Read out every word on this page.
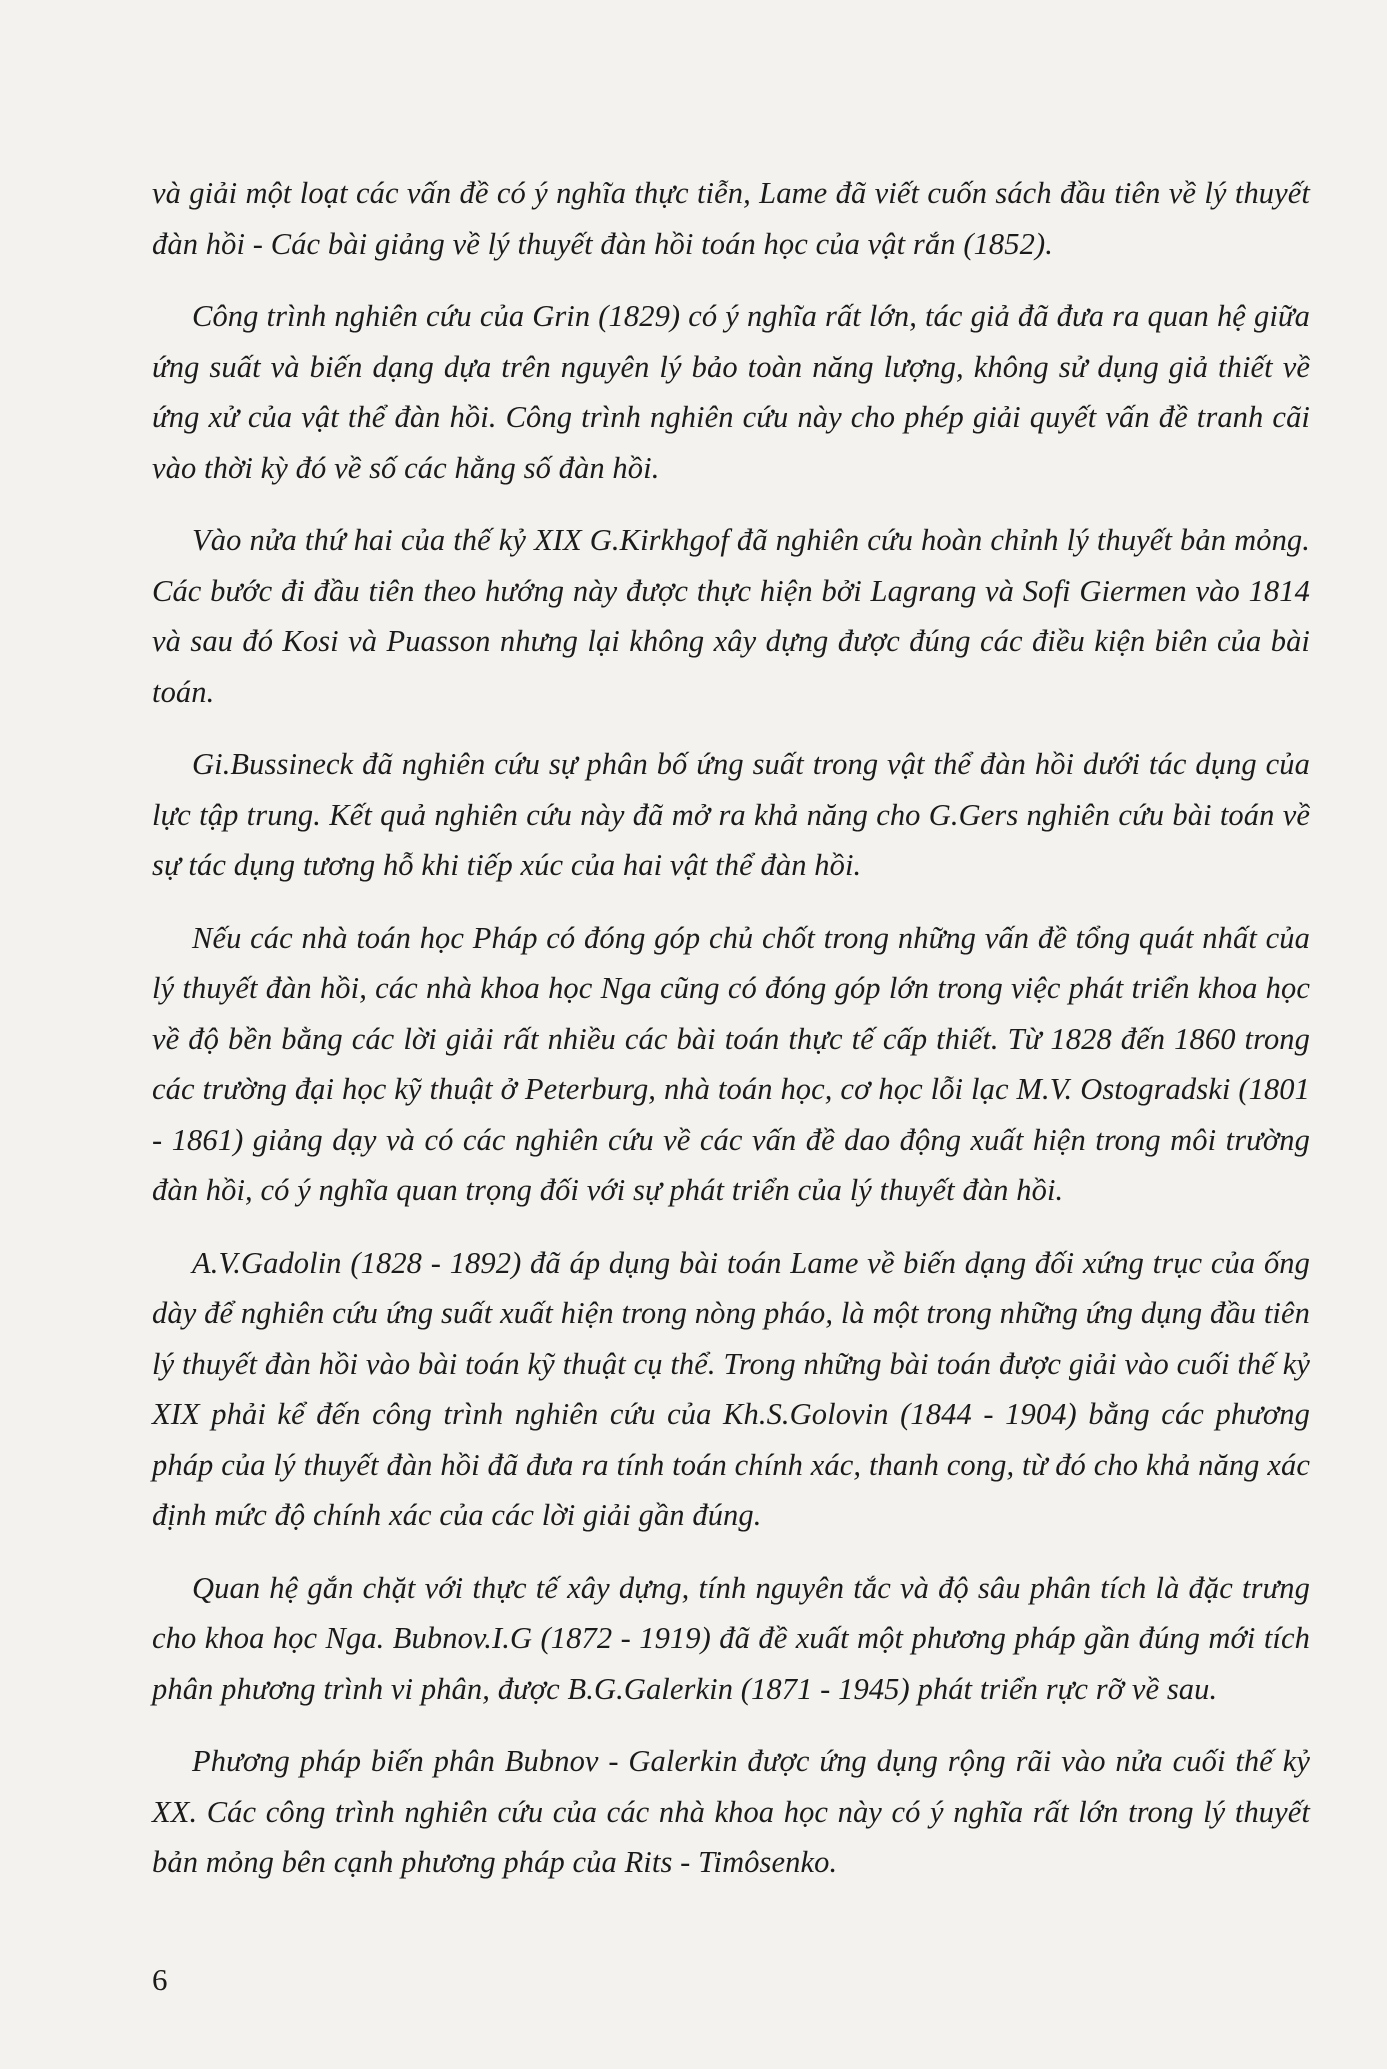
và giải một loạt các vấn đề có ý nghĩa thực tiễn, Lame đã viết cuốn sách đầu tiên về lý thuyết đàn hồi - Các bài giảng về lý thuyết đàn hồi toán học của vật rắn (1852).

Công trình nghiên cứu của Grin (1829) có ý nghĩa rất lớn, tác giả đã đưa ra quan hệ giữa ứng suất và biến dạng dựa trên nguyên lý bảo toàn năng lượng, không sử dụng giả thiết về ứng xử của vật thể đàn hồi. Công trình nghiên cứu này cho phép giải quyết vấn đề tranh cãi vào thời kỳ đó về số các hằng số đàn hồi.

Vào nửa thứ hai của thế kỷ XIX G.Kirkhgof đã nghiên cứu hoàn chỉnh lý thuyết bản mỏng. Các bước đi đầu tiên theo hướng này được thực hiện bởi Lagrang và Sofi Giermen vào 1814 và sau đó Kosi và Puasson nhưng lại không xây dựng được đúng các điều kiện biên của bài toán.

Gi.Bussineck đã nghiên cứu sự phân bố ứng suất trong vật thể đàn hồi dưới tác dụng của lực tập trung. Kết quả nghiên cứu này đã mở ra khả năng cho G.Gers nghiên cứu bài toán về sự tác dụng tương hỗ khi tiếp xúc của hai vật thể đàn hồi.

Nếu các nhà toán học Pháp có đóng góp chủ chốt trong những vấn đề tổng quát nhất của lý thuyết đàn hồi, các nhà khoa học Nga cũng có đóng góp lớn trong việc phát triển khoa học về độ bền bằng các lời giải rất nhiều các bài toán thực tế cấp thiết. Từ 1828 đến 1860 trong các trường đại học kỹ thuật ở Peterburg, nhà toán học, cơ học lỗi lạc M.V. Ostogradski (1801 - 1861) giảng dạy và có các nghiên cứu về các vấn đề dao động xuất hiện trong môi trường đàn hồi, có ý nghĩa quan trọng đối với sự phát triển của lý thuyết đàn hồi.

A.V.Gadolin (1828 - 1892) đã áp dụng bài toán Lame về biến dạng đối xứng trục của ống dày để nghiên cứu ứng suất xuất hiện trong nòng pháo, là một trong những ứng dụng đầu tiên lý thuyết đàn hồi vào bài toán kỹ thuật cụ thể. Trong những bài toán được giải vào cuối thế kỷ XIX phải kể đến công trình nghiên cứu của Kh.S.Golovin (1844 - 1904) bằng các phương pháp của lý thuyết đàn hồi đã đưa ra tính toán chính xác, thanh cong, từ đó cho khả năng xác định mức độ chính xác của các lời giải gần đúng.

Quan hệ gắn chặt với thực tế xây dựng, tính nguyên tắc và độ sâu phân tích là đặc trưng cho khoa học Nga. Bubnov.I.G (1872 - 1919) đã đề xuất một phương pháp gần đúng mới tích phân phương trình vi phân, được B.G.Galerkin (1871 - 1945) phát triển rực rỡ về sau.

Phương pháp biến phân Bubnov - Galerkin được ứng dụng rộng rãi vào nửa cuối thế kỷ XX. Các công trình nghiên cứu của các nhà khoa học này có ý nghĩa rất lớn trong lý thuyết bản mỏng bên cạnh phương pháp của Rits - Timôsenko.

6
